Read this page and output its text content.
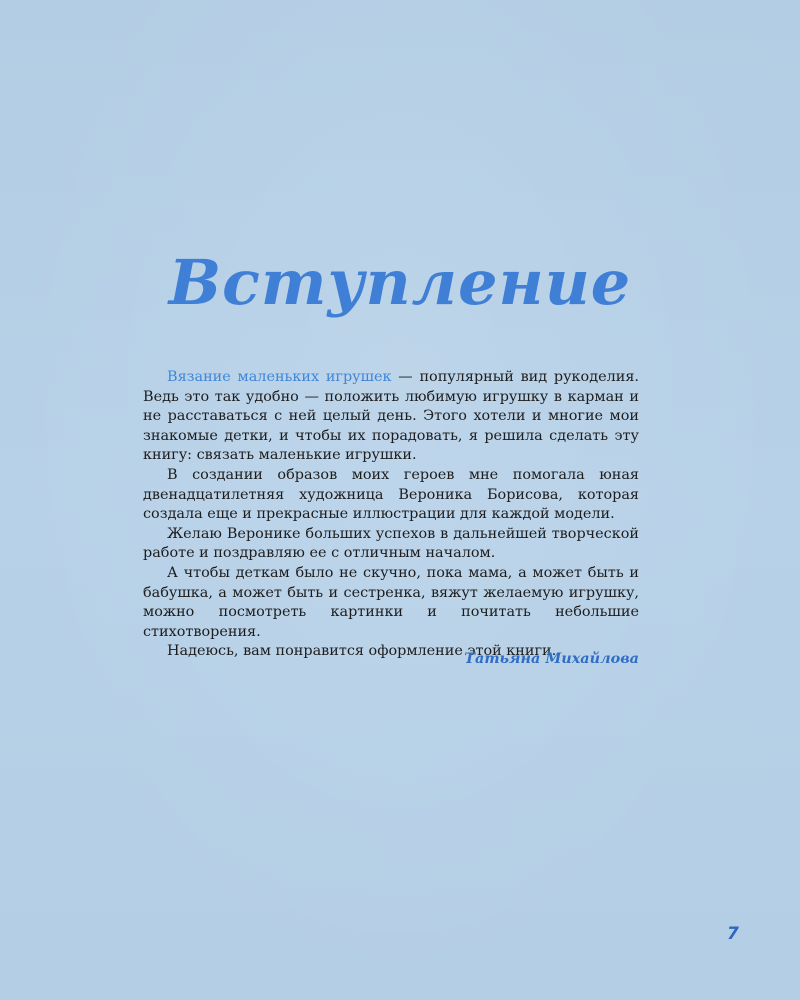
Вступление

Вязание маленьких игрушек — популярный вид рукоделия. Ведь это так удобно — положить любимую игрушку в карман и не расставаться с ней целый день. Этого хотели и многие мои знакомые детки, и чтобы их порадовать, я решила сделать эту книгу: связать маленькие игрушки.

В создании образов моих героев мне помогала юная двенадцатилетняя художница Вероника Борисова, которая создала еще и прекрасные иллюстрации для каждой модели.

Желаю Веронике больших успехов в дальнейшей творческой работе и поздравляю ее с отличным началом.

А чтобы деткам было не скучно, пока мама, а может быть и бабушка, а может быть и сестренка, вяжут желаемую игрушку, можно посмотреть картинки и почитать небольшие стихотворения.

Надеюсь, вам понравится оформление этой книги.

Татьяна Михайлова

7
